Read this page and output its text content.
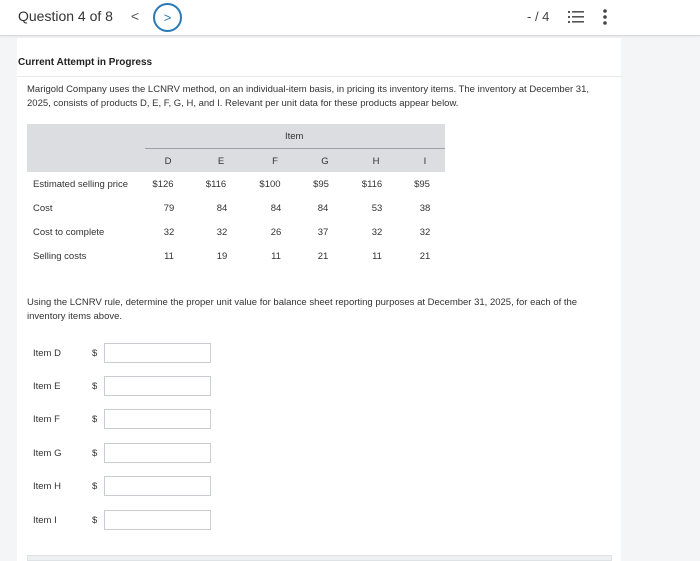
Question 4 of 8 <	>	- / 4
Current Attempt in Progress
Marigold Company uses the LCNRV method, on an individual-item basis, in pricing its inventory items. The inventory at December 31, 2025, consists of products D, E, F, G, H, and I. Relevant per unit data for these products appear below.
Item
D	E	F	G	H	I
Estimated selling price	$126	$116	$100	$95	$116	$95
Cost	79	84	84	84	53	38
Cost to complete	32	32	26	37	32	32
Selling costs	11	19	11	21	11	21
Using the LCNRV rule, determine the proper unit value for balance sheet reporting purposes at December 31, 2025, for each of the inventory items above.
Item D	$
Item E	$
Item F	$
Item G	$
Item H	$
Item I	$
